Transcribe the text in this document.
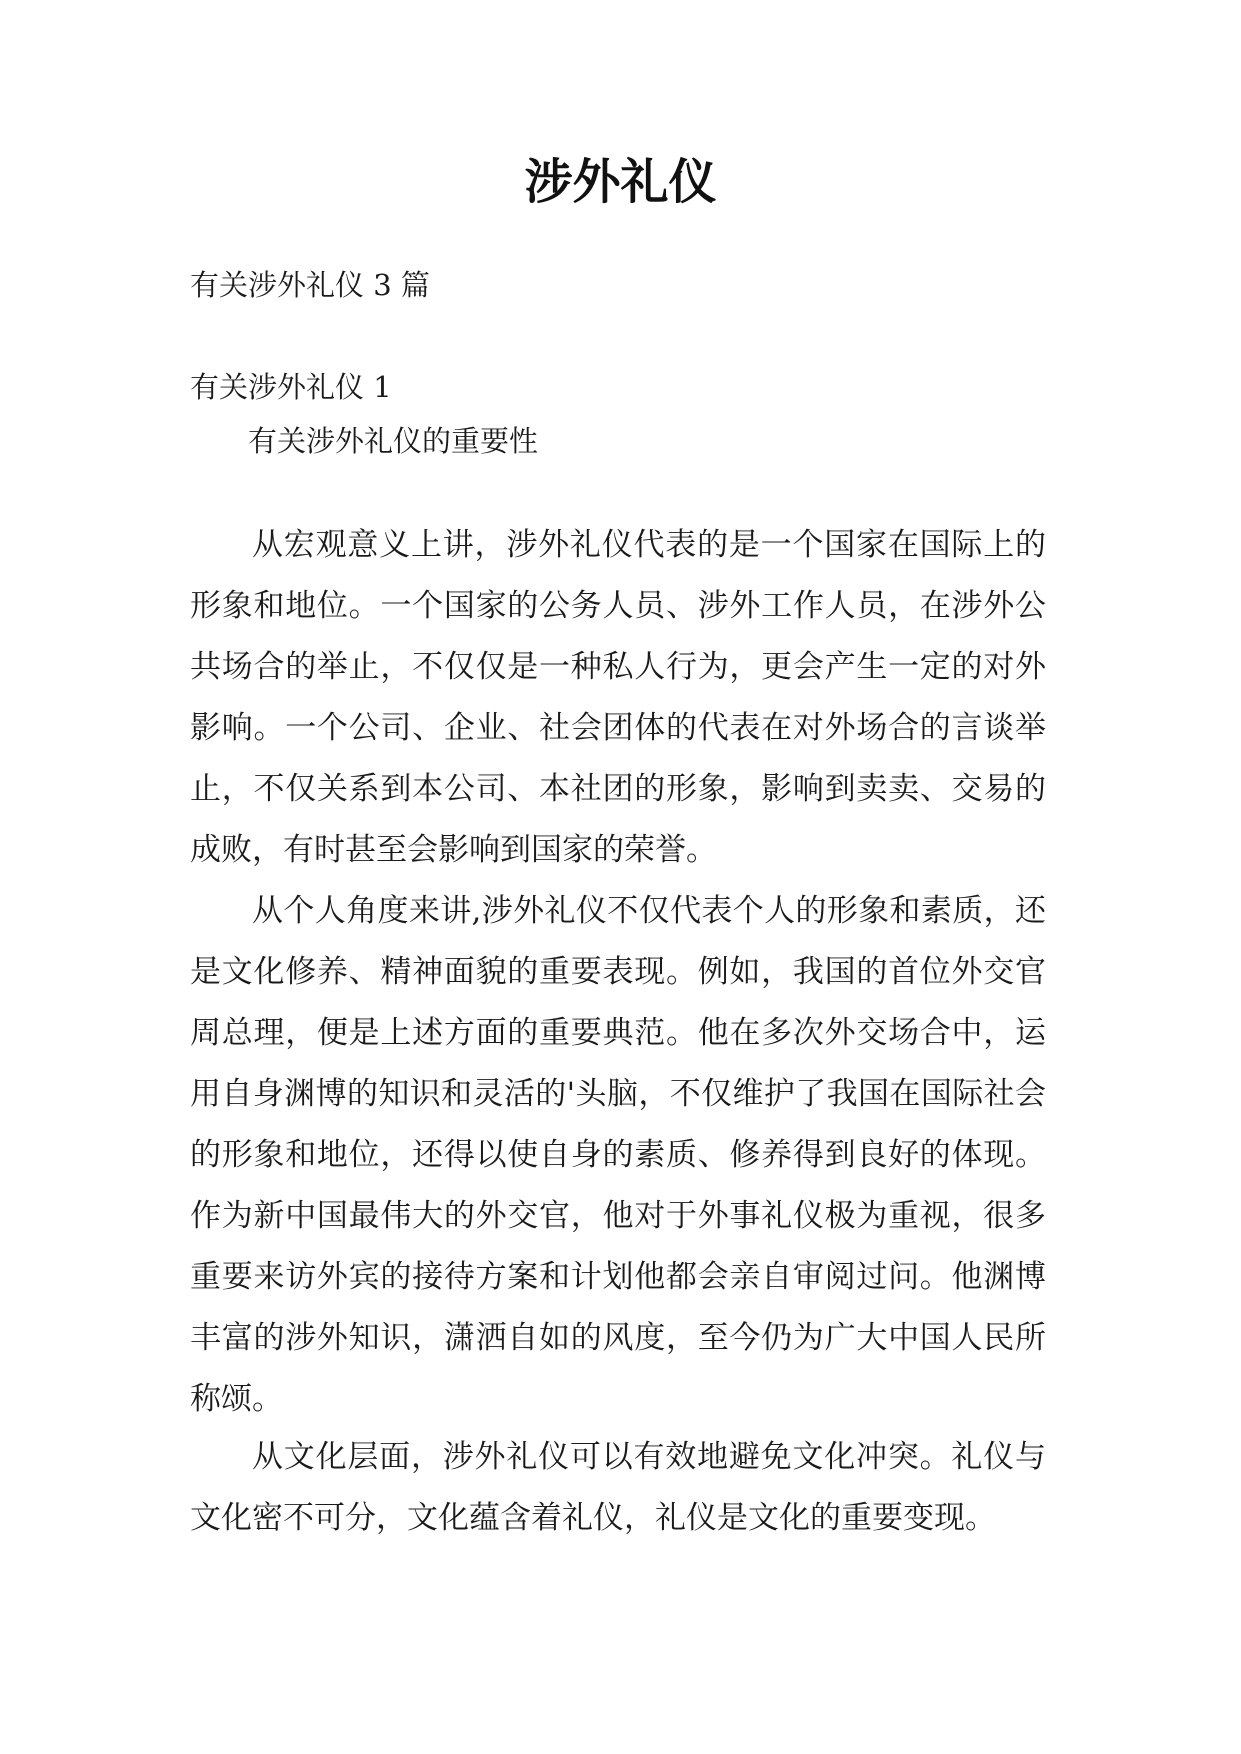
涉外礼仪
有关涉外礼仪 3 篇
有关涉外礼仪 1
有关涉外礼仪的重要性

从宏观意义上讲，涉外礼仪代表的是一个国家在国际上的形象和地位。一个国家的公务人员、涉外工作人员，在涉外公共场合的举止，不仅仅是一种私人行为，更会产生一定的对外影响。一个公司、企业、社会团体的代表在对外场合的言谈举止，不仅关系到本公司、本社团的形象，影响到卖卖、交易的成败，有时甚至会影响到国家的荣誉。

从个人角度来讲,涉外礼仪不仅代表个人的形象和素质，还是文化修养、精神面貌的重要表现。例如，我国的首位外交官周总理，便是上述方面的重要典范。他在多次外交场合中，运用自身渊博的知识和灵活的'头脑，不仅维护了我国在国际社会的形象和地位，还得以使自身的素质、修养得到良好的体现。作为新中国最伟大的外交官，他对于外事礼仪极为重视，很多重要来访外宾的接待方案和计划他都会亲自审阅过问。他渊博丰富的涉外知识，潇洒自如的风度，至今仍为广大中国人民所称颂。

从文化层面，涉外礼仪可以有效地避免文化冲突。礼仪与文化密不可分，文化蕴含着礼仪，礼仪是文化的重要变现。
